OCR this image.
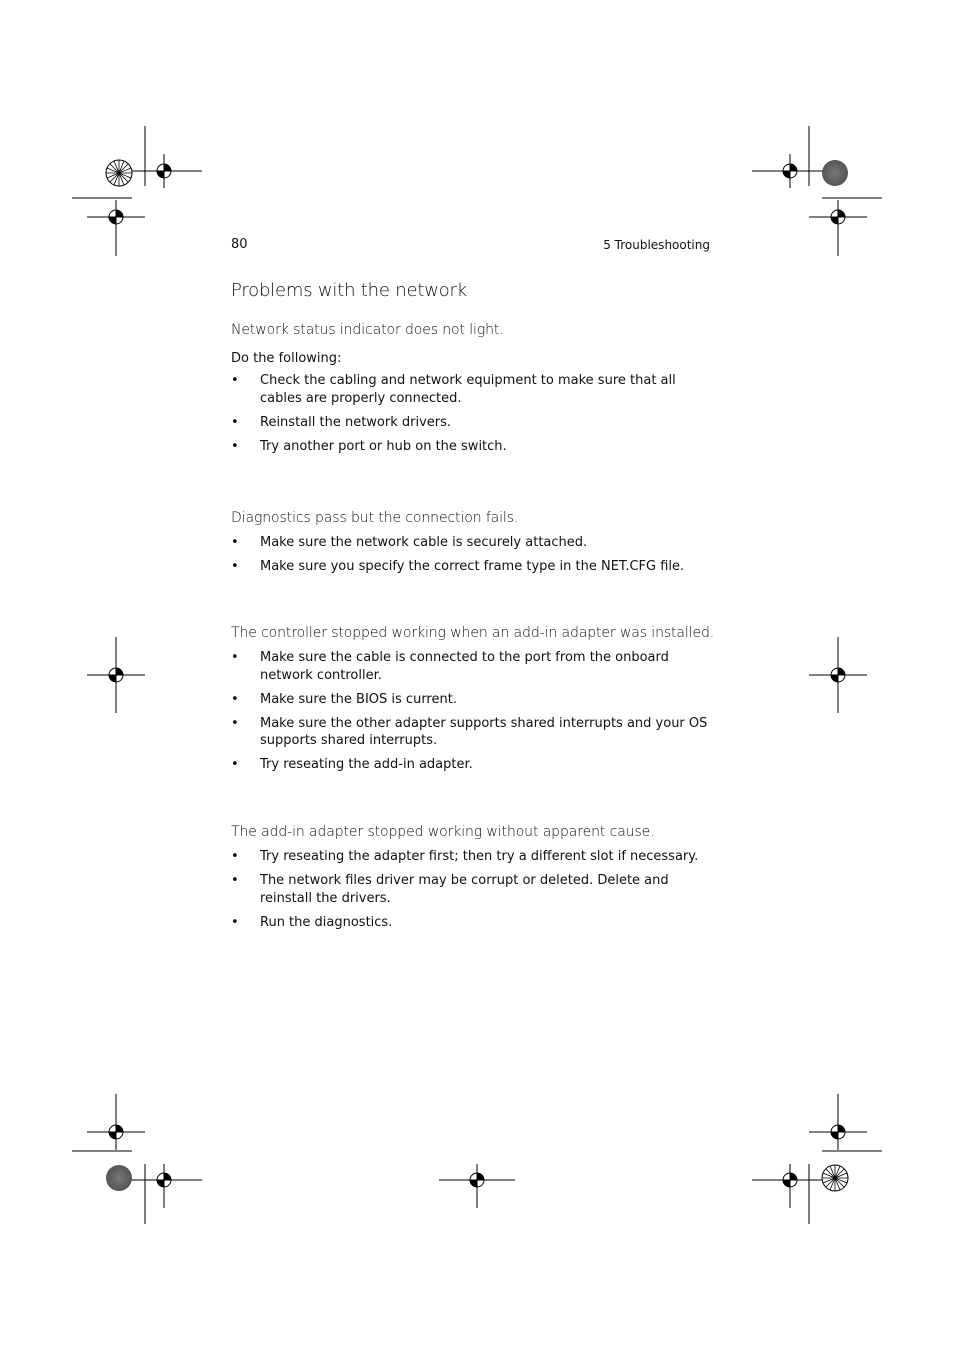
80	5 Troubleshooting
Problems with the network

Network status indicator does not light.

Do the following:

• Check the cabling and network equipment to make sure that all cables are properly connected.
• Reinstall the network drivers.
• Try another port or hub on the switch.

Diagnostics pass but the connection fails.

• Make sure the network cable is securely attached.
• Make sure you specify the correct frame type in the NET.CFG file.

The controller stopped working when an add-in adapter was installed.

• Make sure the cable is connected to the port from the onboard network controller.
• Make sure the BIOS is current.
• Make sure the other adapter supports shared interrupts and your OS supports shared interrupts.
• Try reseating the add-in adapter.

The add-in adapter stopped working without apparent cause.

• Try reseating the adapter first; then try a different slot if necessary.
• The network files driver may be corrupt or deleted. Delete and reinstall the drivers.
• Run the diagnostics.
